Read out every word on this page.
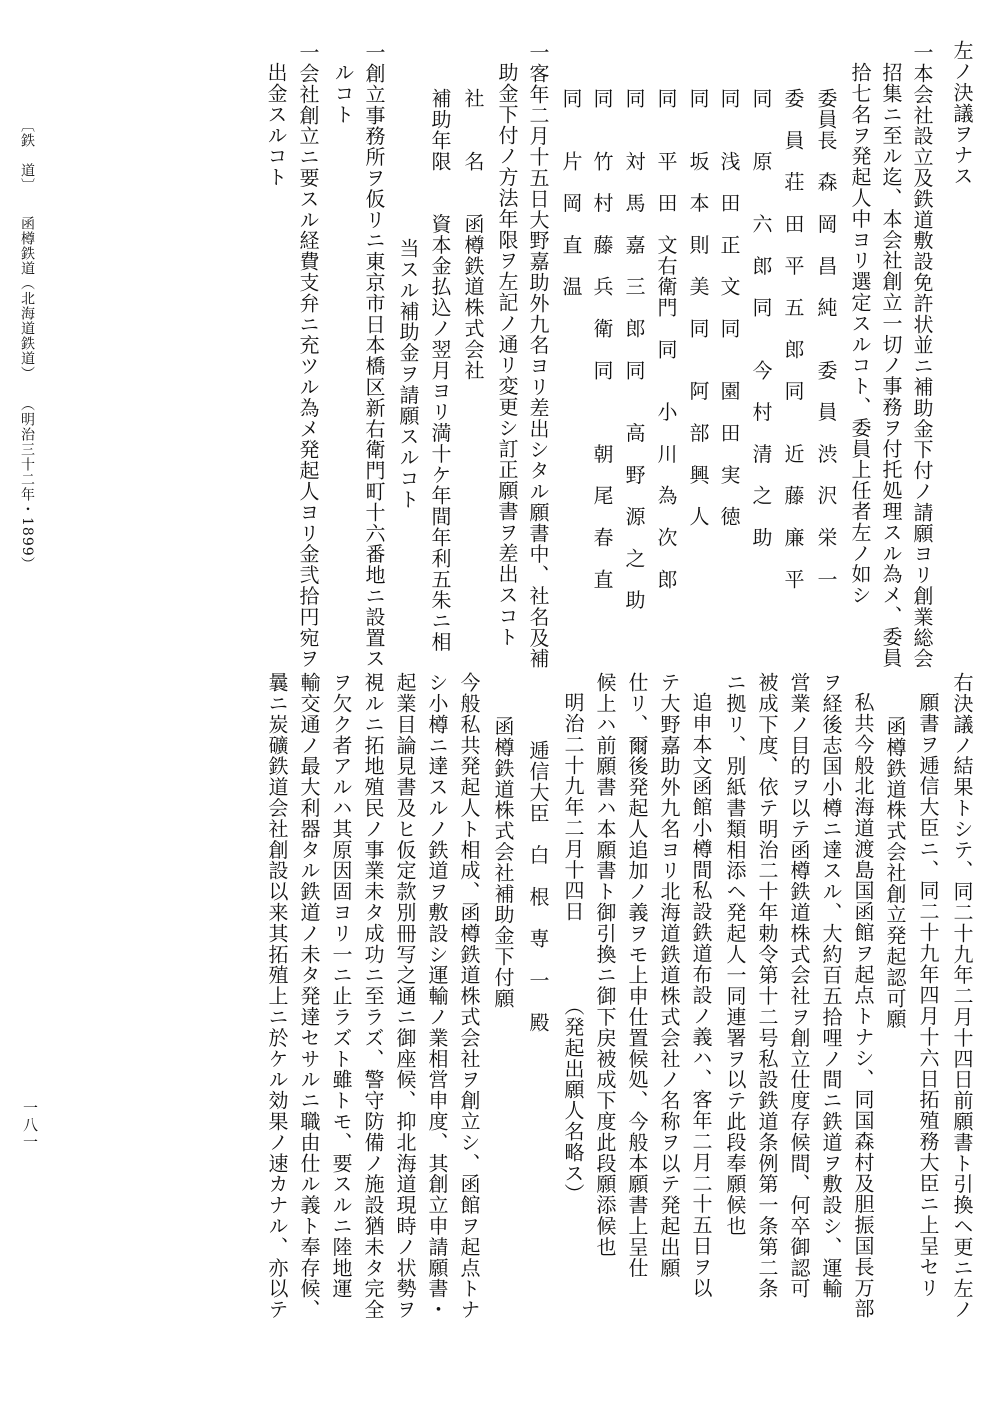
左ノ決議ヲナス
一本会社設立及鉄道敷設免許状並ニ補助金下付ノ請願ヨリ創業総会
招集ニ至ル迄、本会社創立一切ノ事務ヲ付托処理スル為メ、委員
拾七名ヲ発起人中ヨリ選定スルコト、委員上任者左ノ如シ
委員長　森　岡　昌　純　　委　員　渋　沢　栄　一
委　員　荘　田　平　五　郎　同　　近　藤　廉　平
同　　原　　六　郎　同　　今　村　清　之　助
同　　浅　田　正　文　同　　園　田　実　徳
同　　坂　本　則　美　同　　阿　部　興　人
同　　平　田　文右衛門　同　　小　川　為　次　郎
同　　対　馬　嘉　三　郎　同　　高　野　源　之　助
同　　竹　村　藤　兵　衛　同　　　朝　尾　春　直
同　　片　岡　直　温
一客年二月十五日大野嘉助外九名ヨリ差出シタル願書中、社名及補
助金下付ノ方法年限ヲ左記ノ通リ変更シ訂正願書ヲ差出スコト
社　　名　　函樽鉄道株式会社
補助年限　　資本金払込ノ翌月ヨリ満十ケ年間年利五朱ニ相
当スル補助金ヲ請願スルコト
一創立事務所ヲ仮リニ東京市日本橋区新右衛門町十六番地ニ設置ス
ルコト
一会社創立ニ要スル経費支弁ニ充ツル為メ発起人ヨリ金弐拾円宛ヲ
出金スルコト
右決議ノ結果トシテ、同二十九年二月十四日前願書ト引換ヘ更ニ左ノ
願書ヲ逓信大臣ニ、同二十九年四月十六日拓殖務大臣ニ上呈セリ
函樽鉄道株式会社創立発起認可願
私共今般北海道渡島国函館ヲ起点トナシ、同国森村及胆振国長万部
ヲ経後志国小樽ニ達スル、大約百五拾哩ノ間ニ鉄道ヲ敷設シ、運輸
営業ノ目的ヲ以テ函樽鉄道株式会社ヲ創立仕度存候間、何卒御認可
被成下度、依テ明治二十年勅令第十二号私設鉄道条例第一条第二条
ニ拠リ、別紙書類相添ヘ発起人一同連署ヲ以テ此段奉願候也
追申本文函館小樽間私設鉄道布設ノ義ハ、客年二月二十五日ヲ以
テ大野嘉助外九名ヨリ北海道鉄道株式会社ノ名称ヲ以テ発起出願
仕リ、爾後発起人追加ノ義ヲモ上申仕置候処、今般本願書上呈仕
候上ハ前願書ハ本願書ト御引換ニ御下戻被成下度此段願添候也
明治二十九年二月十四日　　　　（発起出願人名略ス）
逓信大臣　白　根　専　一　殿
函樽鉄道株式会社補助金下付願
今般私共発起人ト相成、函樽鉄道株式会社ヲ創立シ、函館ヲ起点トナ
シ小樽ニ達スルノ鉄道ヲ敷設シ運輸ノ業相営申度、其創立申請願書・
起業目論見書及ヒ仮定款別冊写之通ニ御座候、抑北海道現時ノ状勢ヲ
視ルニ拓地殖民ノ事業未タ成功ニ至ラズ、警守防備ノ施設猶未タ完全
ヲ欠ク者アルハ其原因固ヨリ一ニ止ラズト雖トモ、要スルニ陸地運
輸交通ノ最大利器タル鉄道ノ未タ発達セサルニ職由仕ル義ト奉存候、
曩ニ炭礦鉄道会社創設以来其拓殖上ニ於ケル効果ノ速カナル、亦以テ
〔鉄　道〕　　函樽鉄道（北海道鉄道）　　（明治三十二年・1899）
一八一
